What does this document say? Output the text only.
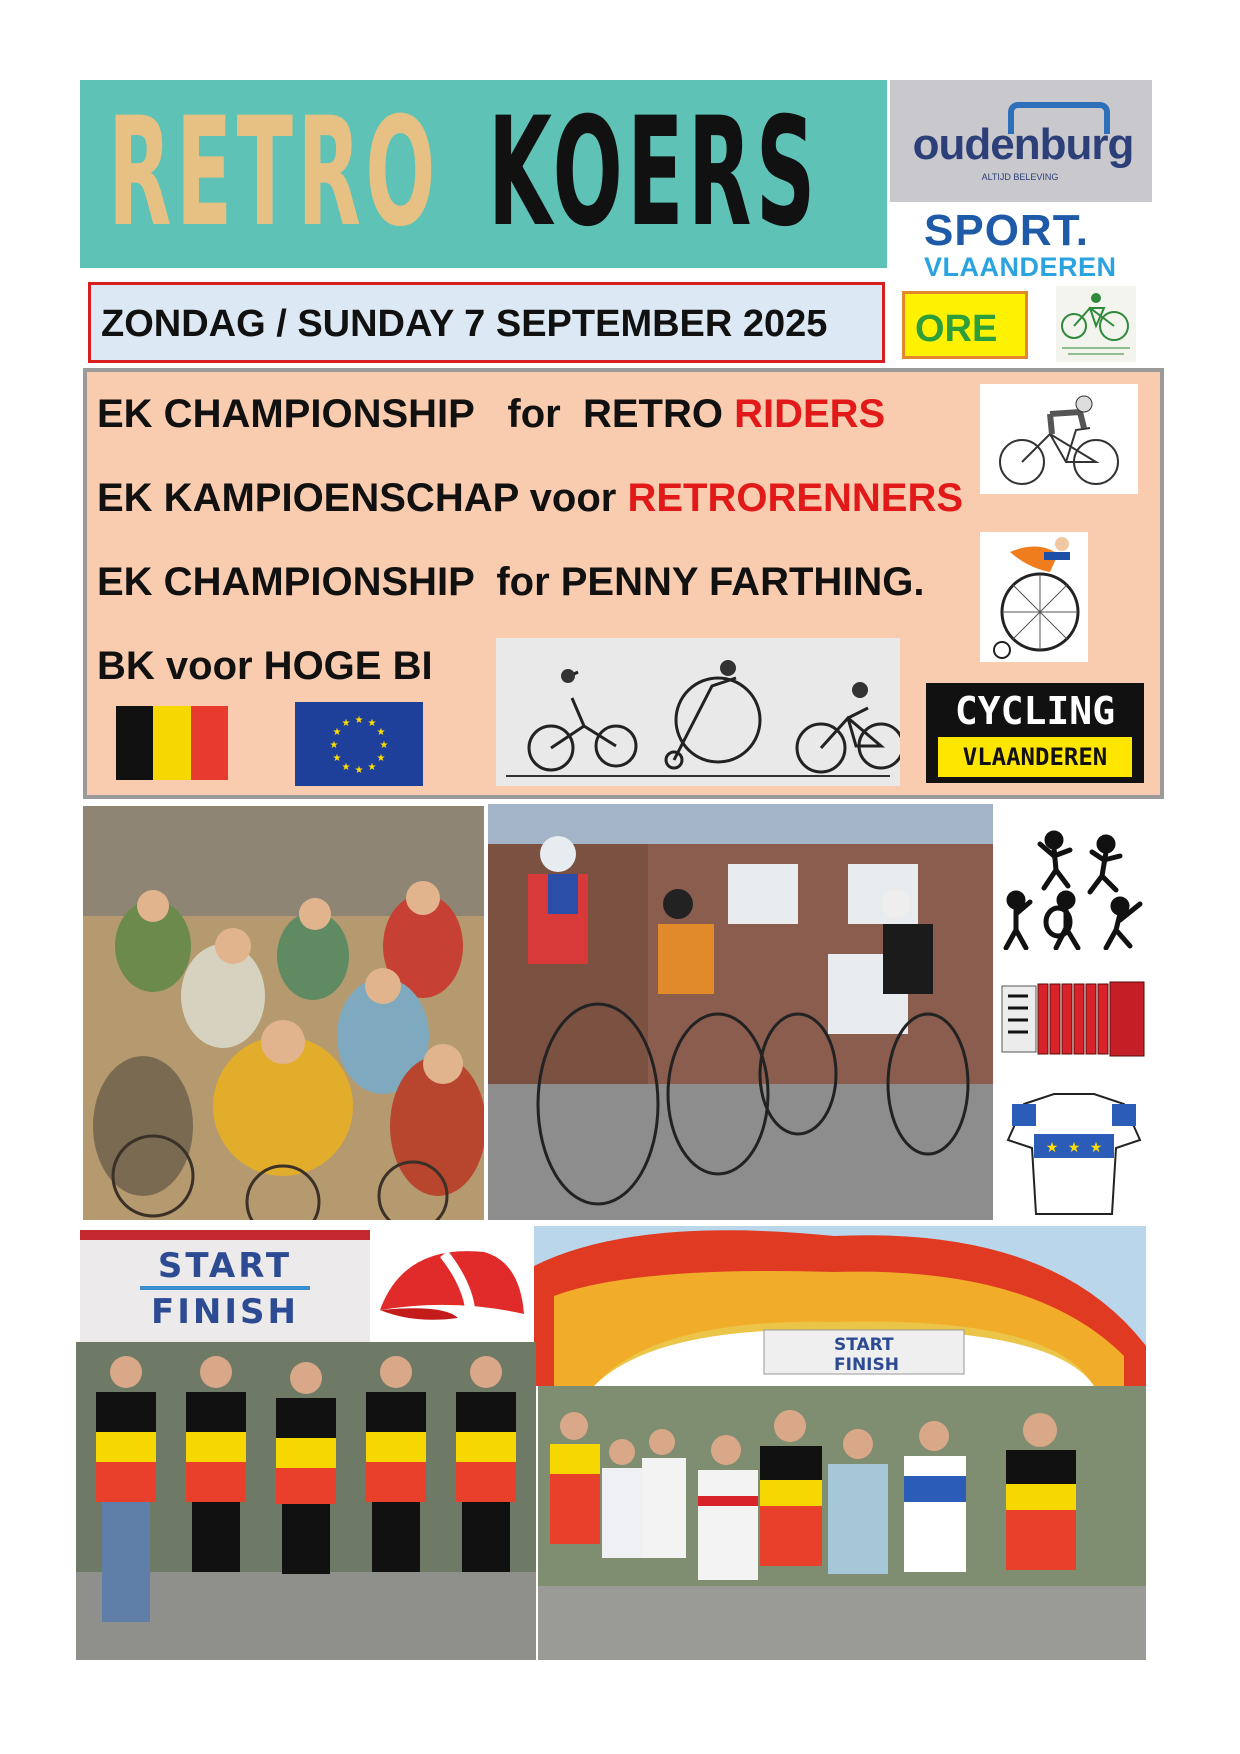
RETRO KOERS oudenburg
ALTIJD BELEVING
SPORT.
VLAANDEREN
ZONDAG / SUNDAY 7 SEPTEMBER 2025 ORE
EK CHAMPIONSHIP   for  RETRO RIDERS
EK KAMPIOENSCHAP voor RETRORENNERS
EK CHAMPIONSHIP  for PENNY FARTHING.
BK voor HOGE BI
★ ★
★
★
★
★
★
★
★
★
★
★	CYCLING
VLAANDEREN
★ ★ ★
START
FINISH	FAEMINO
START
FINISH
